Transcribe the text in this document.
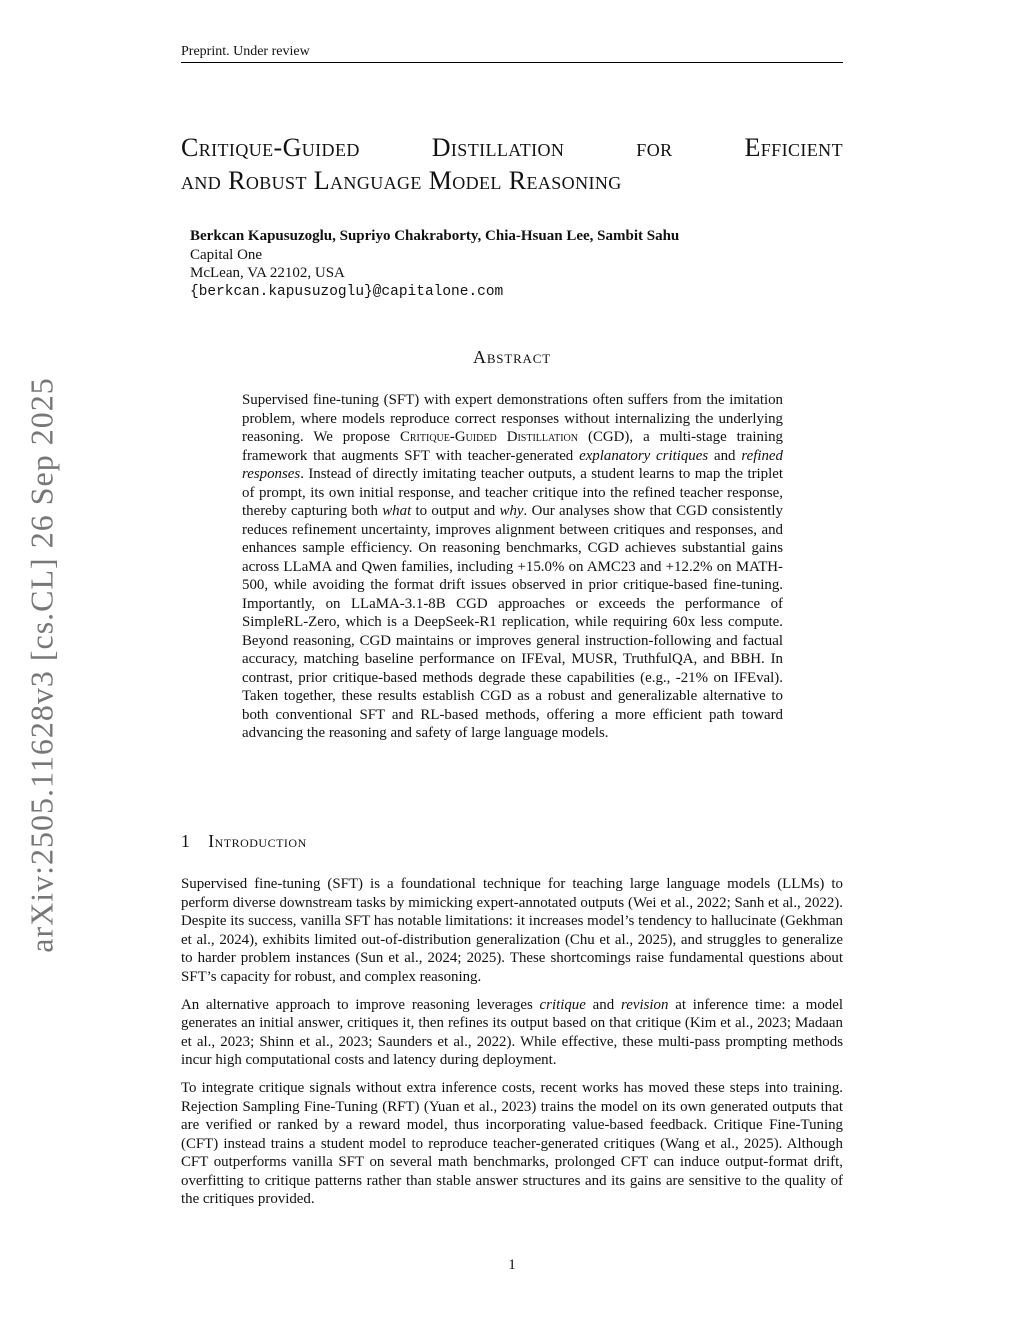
Preprint. Under review
Critique-Guided	Distillation	for	Efficient
and Robust Language Model Reasoning
Berkcan Kapusuzoglu, Supriyo Chakraborty, Chia-Hsuan Lee, Sambit Sahu
Capital One
McLean, VA 22102, USA
{berkcan.kapusuzoglu}@capitalone.com
arXiv:2505.11628v3 [cs.CL] 26 Sep 2025
Abstract
Supervised fine-tuning (SFT) with expert demonstrations often suffers from the imitation problem, where models reproduce correct responses without internalizing the underlying reasoning. We propose Critique-Guided Distillation (CGD), a multi-stage training framework that augments SFT with teacher-generated explanatory critiques and refined responses. Instead of directly imitating teacher outputs, a student learns to map the triplet of prompt, its own initial response, and teacher critique into the refined teacher response, thereby capturing both what to output and why. Our analyses show that CGD consistently reduces refinement uncertainty, improves alignment between critiques and responses, and enhances sample efficiency. On reasoning benchmarks, CGD achieves substantial gains across LLaMA and Qwen families, including +15.0% on AMC23 and +12.2% on MATH-500, while avoiding the format drift issues observed in prior critique-based fine-tuning. Importantly, on LLaMA-3.1-8B CGD approaches or exceeds the performance of SimpleRL-Zero, which is a DeepSeek-R1 replication, while requiring 60x less compute. Beyond reasoning, CGD maintains or improves general instruction-following and factual accuracy, matching baseline performance on IFEval, MUSR, TruthfulQA, and BBH. In contrast, prior critique-based methods degrade these capabilities (e.g., -21% on IFEval). Taken together, these results establish CGD as a robust and generalizable alternative to both conventional SFT and RL-based methods, offering a more efficient path toward advancing the reasoning and safety of large language models.
1 Introduction

Supervised fine-tuning (SFT) is a foundational technique for teaching large language models (LLMs) to perform diverse downstream tasks by mimicking expert-annotated outputs (Wei et al., 2022; Sanh et al., 2022). Despite its success, vanilla SFT has notable limitations: it increases model’s tendency to hallucinate (Gekhman et al., 2024), exhibits limited out-of-distribution generalization (Chu et al., 2025), and struggles to generalize to harder problem instances (Sun et al., 2024; 2025). These shortcomings raise fundamental questions about SFT’s capacity for robust, and complex reasoning.

An alternative approach to improve reasoning leverages critique and revision at inference time: a model generates an initial answer, critiques it, then refines its output based on that critique (Kim et al., 2023; Madaan et al., 2023; Shinn et al., 2023; Saunders et al., 2022). While effective, these multi-pass prompting methods incur high computational costs and latency during deployment.

To integrate critique signals without extra inference costs, recent works has moved these steps into training. Rejection Sampling Fine-Tuning (RFT) (Yuan et al., 2023) trains the model on its own generated outputs that are verified or ranked by a reward model, thus incorporating value-based feedback. Critique Fine-Tuning (CFT) instead trains a student model to reproduce teacher-generated critiques (Wang et al., 2025). Although CFT outperforms vanilla SFT on several math benchmarks, prolonged CFT can induce output-format drift, overfitting to critique patterns rather than stable answer structures and its gains are sensitive to the quality of the critiques provided.

1
